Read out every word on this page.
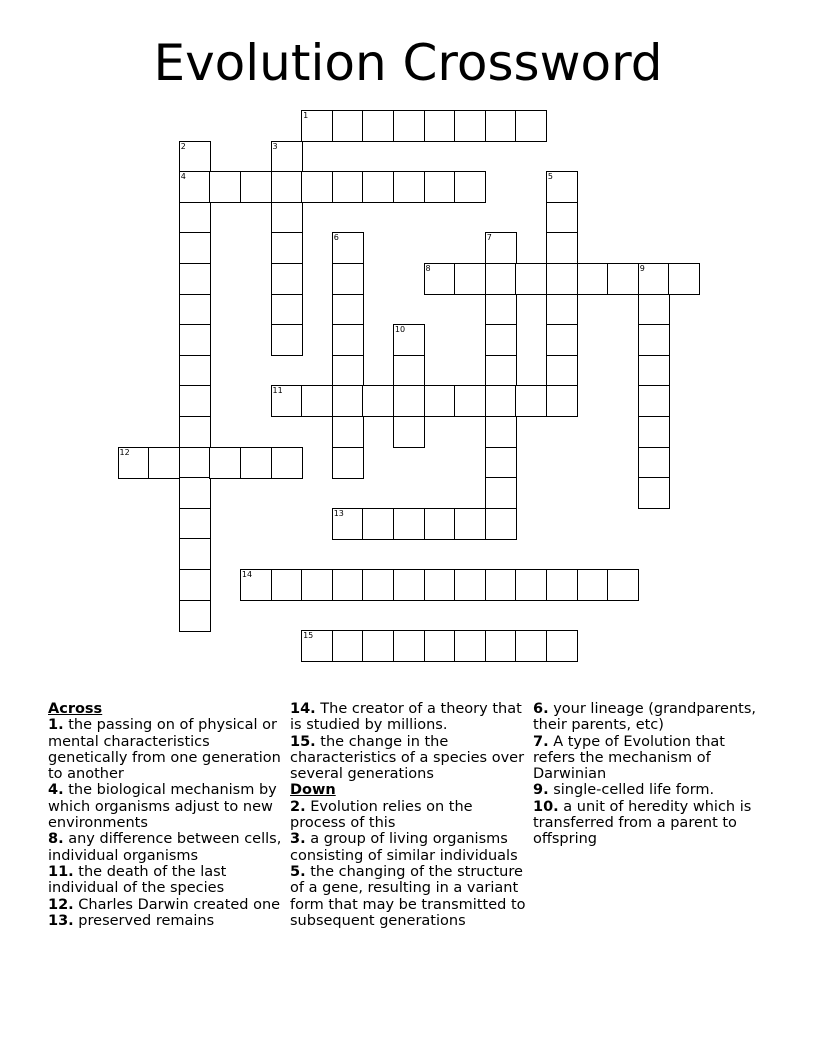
Evolution Crossword
1
2
4
3
5
6	7
8	9
10
11
12
13
14
15
Across
1. the passing on of physical or mental characteristics genetically from one generation to another
4. the biological mechanism by which organisms adjust to new environments
8. any difference between cells, individual organisms
11. the death of the last individual of the species
12. Charles Darwin created one
13. preserved remains
14. The creator of a theory that is studied by millions.
15. the change in the characteristics of a species over several generations
Down
2. Evolution relies on the process of this
3. a group of living organisms consisting of similar individuals
5. the changing of the structure of a gene, resulting in a variant form that may be transmitted to subsequent generations
6. your lineage (grandparents, their parents, etc)
7. A type of Evolution that refers the mechanism of Darwinian
9. single-celled life form.
10. a unit of heredity which is transferred from a parent to offspring
